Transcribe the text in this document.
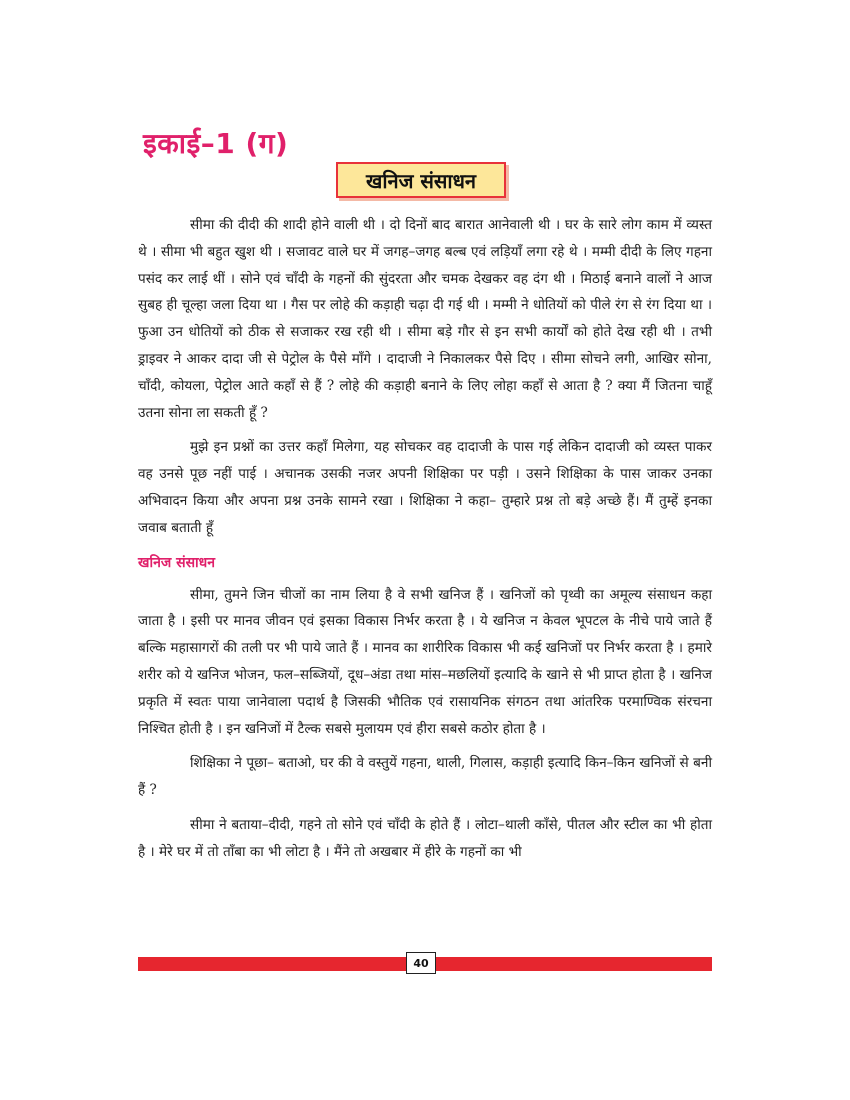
इकाई–1 (ग)
खनिज संसाधन

सीमा की दीदी की शादी होने वाली थी । दो दिनों बाद बारात आनेवाली थी । घर के सारे लोग काम में व्यस्त थे । सीमा भी बहुत खुश थी । सजावट वाले घर में जगह–जगह बल्ब एवं लड़ियाँ लगा रहे थे । मम्मी दीदी के लिए गहना पसंद कर लाई थीं । सोने एवं चाँदी के गहनों की सुंदरता और चमक देखकर वह दंग थी । मिठाई बनाने वालों ने आज सुबह ही चूल्हा जला दिया था । गैस पर लोहे की कड़ाही चढ़ा दी गई थी । मम्मी ने धोतियों को पीले रंग से रंग दिया था । फुआ उन धोतियों को ठीक से सजाकर रख रही थी । सीमा बड़े गौर से इन सभी कार्यों को होते देख रही थी । तभी ड्राइवर ने आकर दादा जी से पेट्रोल के पैसे माँगे । दादाजी ने निकालकर पैसे दिए । सीमा सोचने लगी, आखिर सोना, चाँदी, कोयला, पेट्रोल आते कहाँ से हैं ? लोहे की कड़ाही बनाने के लिए लोहा कहाँ से आता है ? क्या मैं जितना चाहूँ उतना सोना ला सकती हूँ ?

मुझे इन प्रश्नों का उत्तर कहाँ मिलेगा, यह सोचकर वह दादाजी के पास गई लेकिन दादाजी को व्यस्त पाकर वह उनसे पूछ नहीं पाई । अचानक उसकी नजर अपनी शिक्षिका पर पड़ी । उसने शिक्षिका के पास जाकर उनका अभिवादन किया और अपना प्रश्न उनके सामने रखा । शिक्षिका ने कहा– तुम्हारे प्रश्न तो बड़े अच्छे हैं। मैं तुम्हें इनका जवाब बताती हूँ

खनिज संसाधन

सीमा, तुमने जिन चीजों का नाम लिया है वे सभी खनिज हैं । खनिजों को पृथ्वी का अमूल्य संसाधन कहा जाता है । इसी पर मानव जीवन एवं इसका विकास निर्भर करता है । ये खनिज न केवल भूपटल के नीचे पाये जाते हैं बल्कि महासागरों की तली पर भी पाये जाते हैं । मानव का शारीरिक विकास भी कई खनिजों पर निर्भर करता है । हमारे शरीर को ये खनिज भोजन, फल–सब्जियों, दूध–अंडा तथा मांस–मछलियों इत्यादि के खाने से भी प्राप्त होता है । खनिज प्रकृति में स्वतः पाया जानेवाला पदार्थ है जिसकी भौतिक एवं रासायनिक संगठन तथा आंतरिक परमाण्विक संरचना निश्चित होती है । इन खनिजों में टैल्क सबसे मुलायम एवं हीरा सबसे कठोर होता है ।

शिक्षिका ने पूछा– बताओ, घर की वे वस्तुयें गहना, थाली, गिलास, कड़ाही इत्यादि किन–किन खनिजों से बनी हैं ?

सीमा ने बताया–दीदी, गहने तो सोने एवं चाँदी के होते हैं । लोटा–थाली काँसे, पीतल और स्टील का भी होता है । मेरे घर में तो ताँबा का भी लोटा है । मैंने तो अखबार में हीरे के गहनों का भी

40
